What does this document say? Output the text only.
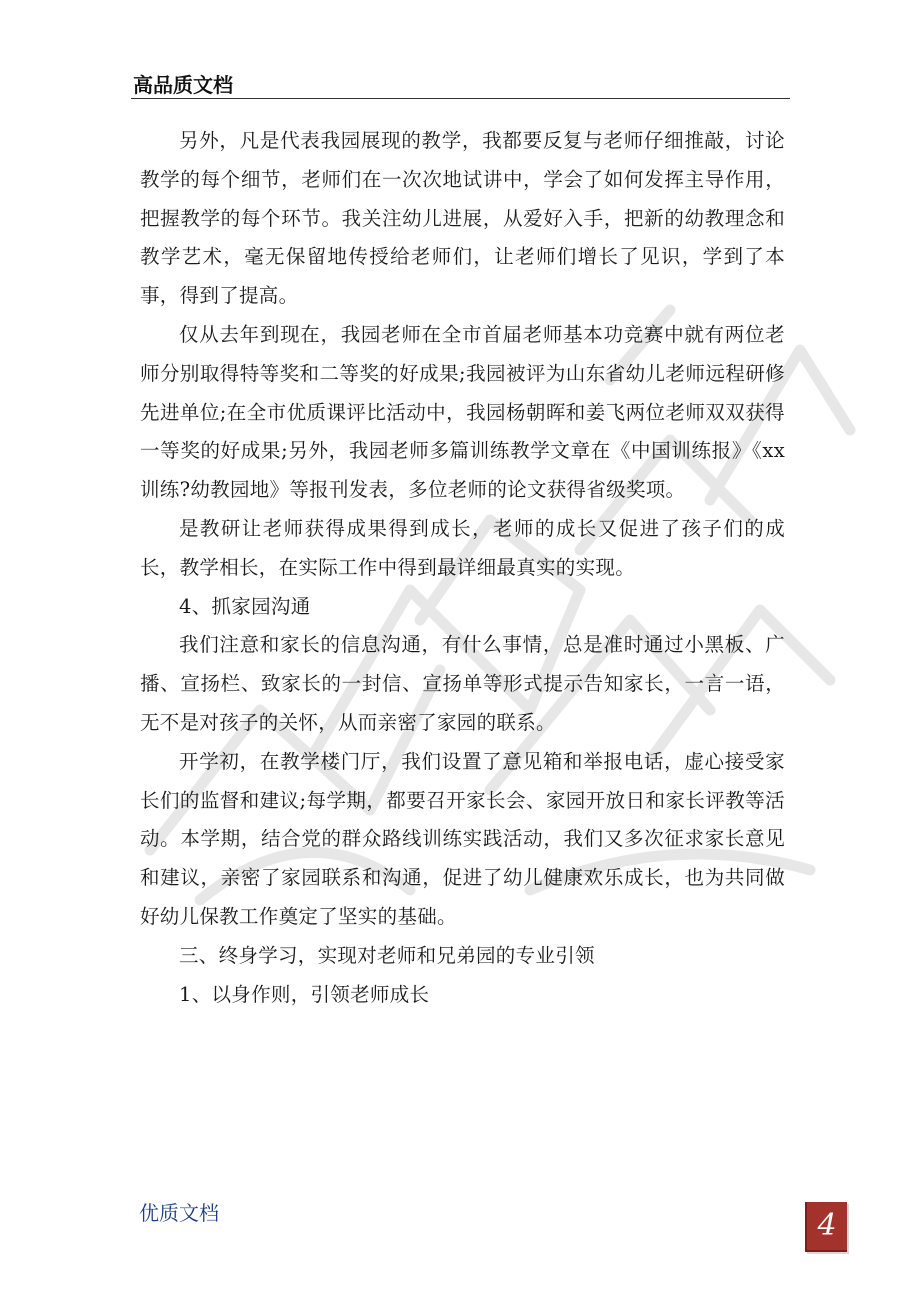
高品质文档

另外，凡是代表我园展现的教学，我都要反复与老师仔细推敲，讨论教学的每个细节，老师们在一次次地试讲中，学会了如何发挥主导作用，把握教学的每个环节。我关注幼儿进展，从爱好入手，把新的幼教理念和教学艺术，毫无保留地传授给老师们，让老师们增长了见识，学到了本事，得到了提高。

仅从去年到现在，我园老师在全市首届老师基本功竞赛中就有两位老师分别取得特等奖和二等奖的好成果;我园被评为山东省幼儿老师远程研修先进单位;在全市优质课评比活动中，我园杨朝晖和姜飞两位老师双双获得一等奖的好成果;另外，我园老师多篇训练教学文章在《中国训练报》《xx 训练?幼教园地》等报刊发表，多位老师的论文获得省级奖项。

是教研让老师获得成果得到成长，老师的成长又促进了孩子们的成长，教学相长，在实际工作中得到最详细最真实的实现。

4、抓家园沟通

我们注意和家长的信息沟通，有什么事情，总是准时通过小黑板、广播、宣扬栏、致家长的一封信、宣扬单等形式提示告知家长，一言一语，无不是对孩子的关怀，从而亲密了家园的联系。

开学初，在教学楼门厅，我们设置了意见箱和举报电话，虚心接受家长们的监督和建议;每学期，都要召开家长会、家园开放日和家长评教等活动。本学期，结合党的群众路线训练实践活动，我们又多次征求家长意见和建议，亲密了家园联系和沟通，促进了幼儿健康欢乐成长，也为共同做好幼儿保教工作奠定了坚实的基础。

三、终身学习，实现对老师和兄弟园的专业引领

1、以身作则，引领老师成长

优质文档	4
